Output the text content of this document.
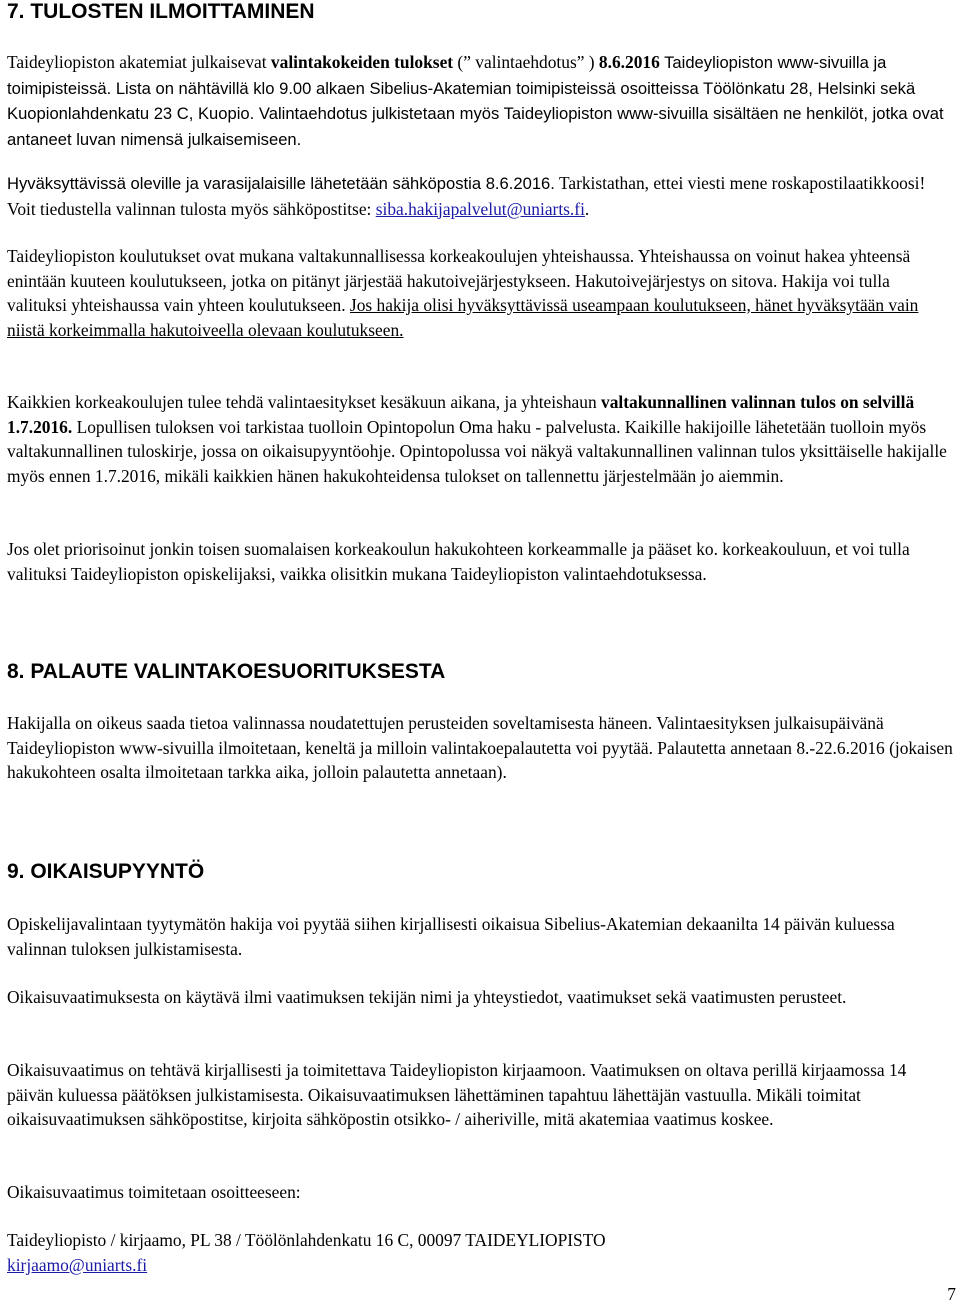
7. TULOSTEN ILMOITTAMINEN

Taideyliopiston akatemiat julkaisevat valintakokeiden tulokset (” valintaehdotus” ) 8.6.2016 Taideyliopiston www-sivuilla ja toimipisteissä. Lista on nähtävillä klo 9.00 alkaen Sibelius-Akatemian toimipisteissä osoitteissa Töölönkatu 28, Helsinki sekä Kuopionlahdenkatu 23 C, Kuopio. Valintaehdotus julkistetaan myös Taideyliopiston www-sivuilla sisältäen ne henkilöt, jotka ovat antaneet luvan nimensä julkaisemiseen.

Hyväksyttävissä oleville ja varasijalaisille lähetetään sähköpostia 8.6.2016. Tarkistathan, ettei viesti mene roskapostilaatikkoosi! Voit tiedustella valinnan tulosta myös sähköpostitse: siba.hakijapalvelut@uniarts.fi.

Taideyliopiston koulutukset ovat mukana valtakunnallisessa korkeakoulujen yhteishaussa. Yhteishaussa on voinut hakea yhteensä enintään kuuteen koulutukseen, jotka on pitänyt järjestää hakutoivejärjestykseen. Hakutoivejärjestys on sitova. Hakija voi tulla valituksi yhteishaussa vain yhteen koulutukseen. Jos hakija olisi hyväksyttävissä useampaan koulutukseen, hänet hyväksytään vain niistä korkeimmalla hakutoiveella olevaan koulutukseen.

Kaikkien korkeakoulujen tulee tehdä valintaesitykset kesäkuun aikana, ja yhteishaun valtakunnallinen valinnan tulos on selvillä 1.7.2016. Lopullisen tuloksen voi tarkistaa tuolloin Opintopolun Oma haku - palvelusta. Kaikille hakijoille lähetetään tuolloin myös valtakunnallinen tuloskirje, jossa on oikaisupyyntöohje. Opintopolussa voi näkyä valtakunnallinen valinnan tulos yksittäiselle hakijalle myös ennen 1.7.2016, mikäli kaikkien hänen hakukohteidensa tulokset on tallennettu järjestelmään jo aiemmin.

Jos olet priorisoinut jonkin toisen suomalaisen korkeakoulun hakukohteen korkeammalle ja pääset ko. korkeakouluun, et voi tulla valituksi Taideyliopiston opiskelijaksi, vaikka olisitkin mukana Taideyliopiston valintaehdotuksessa.

8. PALAUTE VALINTAKOESUORITUKSESTA

Hakijalla on oikeus saada tietoa valinnassa noudatettujen perusteiden soveltamisesta häneen. Valintaesityksen julkaisupäivänä Taideyliopiston www-sivuilla ilmoitetaan, keneltä ja milloin valintakoepalautetta voi pyytää. Palautetta annetaan 8.-22.6.2016 (jokaisen hakukohteen osalta ilmoitetaan tarkka aika, jolloin palautetta annetaan).

9. OIKAISUPYYNTÖ

Opiskelijavalintaan tyytymätön hakija voi pyytää siihen kirjallisesti oikaisua Sibelius-Akatemian dekaanilta 14 päivän kuluessa valinnan tuloksen julkistamisesta.

Oikaisuvaatimuksesta on käytävä ilmi vaatimuksen tekijän nimi ja yhteystiedot, vaatimukset sekä vaatimusten perusteet.

Oikaisuvaatimus on tehtävä kirjallisesti ja toimitettava Taideyliopiston kirjaamoon. Vaatimuksen on oltava perillä kirjaamossa 14 päivän kuluessa päätöksen julkistamisesta. Oikaisuvaatimuksen lähettäminen tapahtuu lähettäjän vastuulla. Mikäli toimitat oikaisuvaatimuksen sähköpostitse, kirjoita sähköpostin otsikko- / aiheriville, mitä akatemiaa vaatimus koskee.

Oikaisuvaatimus toimitetaan osoitteeseen:

Taideyliopisto / kirjaamo, PL 38 / Töölönlahdenkatu 16 C, 00097 TAIDEYLIOPISTO

kirjaamo@uniarts.fi

7
